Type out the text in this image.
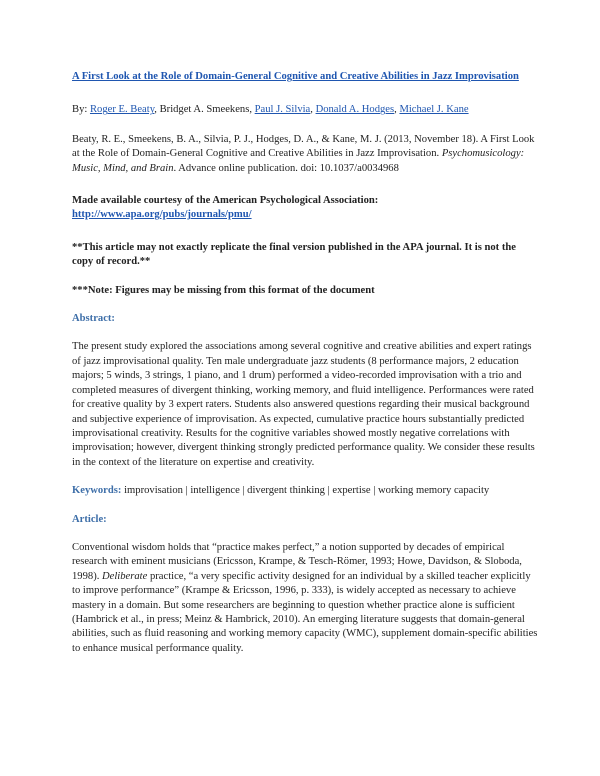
A First Look at the Role of Domain-General Cognitive and Creative Abilities in Jazz Improvisation

By: Roger E. Beaty, Bridget A. Smeekens, Paul J. Silvia, Donald A. Hodges, Michael J. Kane
Beaty, R. E., Smeekens, B. A., Silvia, P. J., Hodges, D. A., & Kane, M. J. (2013, November 18). A First Look at the Role of Domain-General Cognitive and Creative Abilities in Jazz Improvisation. Psychomusicology: Music, Mind, and Brain. Advance online publication. doi: 10.1037/a0034968
Made available courtesy of the American Psychological Association:
http://www.apa.org/pubs/journals/pmu/
**This article may not exactly replicate the final version published in the APA journal. It is not the copy of record.**
***Note: Figures may be missing from this format of the document
Abstract:
The present study explored the associations among several cognitive and creative abilities and expert ratings of jazz improvisational quality. Ten male undergraduate jazz students (8 performance majors, 2 education majors; 5 winds, 3 strings, 1 piano, and 1 drum) performed a video-recorded improvisation with a trio and completed measures of divergent thinking, working memory, and fluid intelligence. Performances were rated for creative quality by 3 expert raters. Students also answered questions regarding their musical background and subjective experience of improvisation. As expected, cumulative practice hours substantially predicted improvisational creativity. Results for the cognitive variables showed mostly negative correlations with improvisation; however, divergent thinking strongly predicted performance quality. We consider these results in the context of the literature on expertise and creativity.
Keywords: improvisation | intelligence | divergent thinking | expertise | working memory capacity
Article:
Conventional wisdom holds that “practice makes perfect,” a notion supported by decades of empirical research with eminent musicians (Ericsson, Krampe, & Tesch-Römer, 1993; Howe, Davidson, & Sloboda, 1998). Deliberate practice, “a very specific activity designed for an individual by a skilled teacher explicitly to improve performance” (Krampe & Ericsson, 1996, p. 333), is widely accepted as necessary to achieve mastery in a domain. But some researchers are beginning to question whether practice alone is sufficient (Hambrick et al., in press; Meinz & Hambrick, 2010). An emerging literature suggests that domain-general abilities, such as fluid reasoning and working memory capacity (WMC), supplement domain-specific abilities to enhance musical performance quality.
